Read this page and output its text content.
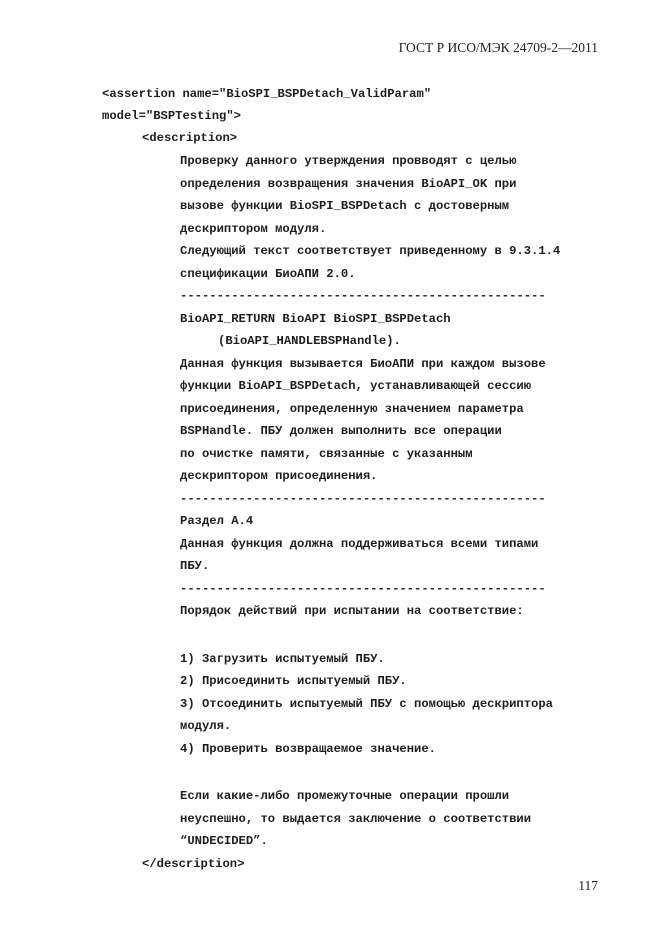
ГОСТ Р ИСО/МЭК 24709-2—2011
<assertion name="BioSPI_BSPDetach_ValidParam"
model="BSPTesting">
<description>
Проверку данного утверждения провводят с целью
определения возвращения значения BioAPI_OK при
вызове функции BioSPI_BSPDetach с достоверным
дескриптором модуля.
Следующий текст соответствует приведенному в 9.3.1.4
спецификации БиоАПИ 2.0.
--------------------------------------------------
BioAPI_RETURN BioAPI BioSPI_BSPDetach
(BioAPI_HANDLEBSPHandle).
Данная функция вызывается БиоАПИ при каждом вызове
функции BioAPI_BSPDetach, устанавливающей сессию
присоединения, определенную значением параметра
BSPHandle. ПБУ должен выполнить все операции
по очистке памяти, связанные с указанным
дескриптором присоединения.
--------------------------------------------------
Раздел А.4
Данная функция должна поддерживаться всеми типами
ПБУ.
--------------------------------------------------
Порядок действий при испытании на соответствие:
1) Загрузить испытуемый ПБУ.
2) Присоединить испытуемый ПБУ.
3) Отсоединить испытуемый ПБУ с помощью дескриптора
модуля.
4) Проверить возвращаемое значение.
Если какие-либо промежуточные операции прошли
неуспешно, то выдается заключение о соответствии
“UNDECIDED”.
</description>
117
